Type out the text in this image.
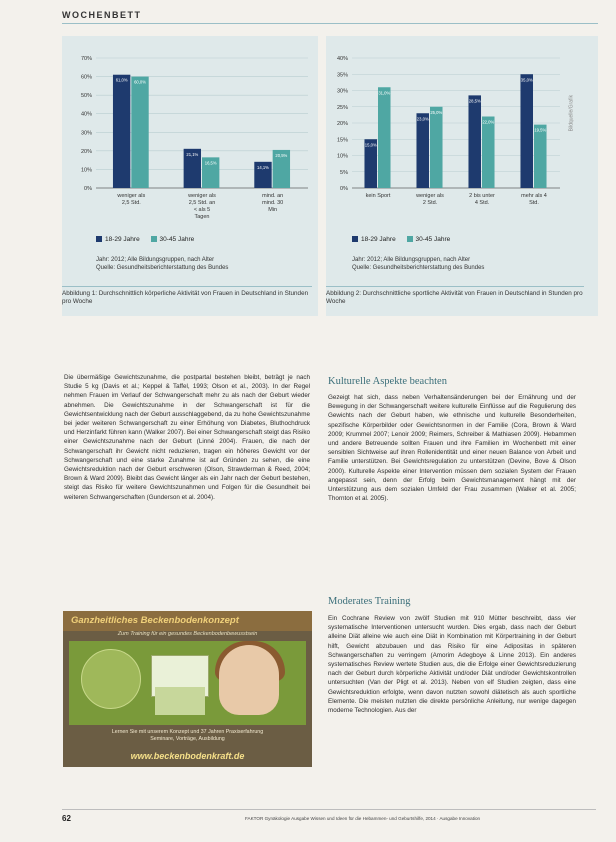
WOCHENBETT
0%
10%
20%
30%
40%
50%
60%
70%
61,0% 60,0%
weniger als
2,5 Std.
21,1%
16,5%
weniger als
2,5 Std. an
< als 5
Tagen
14,1%
20,5%
mind. an
mind. 30
Min
18-29 Jahre	30-45 Jahre
Jahr: 2012; Alle Bildungsgruppen, nach Alter
Quelle: Gesundheitsberichterstattung des Bundes
Abbildung 1: Durchschnittlich körperliche Aktivität von Frauen in Deutschland in Stunden pro Woche
0%
5%
10%
15%
20%
25%
30%
35%
40%
15,0%
31,0%
kein Sport
23,0%
25,0%
weniger als
2 Std.
28,5%
22,0%
2 bis unter
4 Std.
35,0%
19,5%
mehr als 4
Std.
18-29 Jahre	30-45 Jahre
Jahr: 2012; Alle Bildungsgruppen, nach Alter
Quelle: Gesundheitsberichterstattung des Bundes
Abbildung 2: Durchschnittliche sportliche Aktivität von Frauen in Deutschland in Stunden pro Woche
Bildquelle/Grafik
Die übermäßige Gewichtszunahme, die postpartal bestehen bleibt, beträgt je nach Studie 5 kg (Davis et al.; Keppel & Taffel, 1993; Olson et al., 2003). In der Regel nehmen Frauen im Verlauf der Schwangerschaft mehr zu als nach der Geburt wieder abnehmen. Die Gewichtszunahme in der Schwangerschaft ist für die Gewichtsentwicklung nach der Geburt ausschlaggebend, da zu hohe Gewichtszunahme bei jeder weiteren Schwangerschaft zu einer Erhöhung von Diabetes, Bluthochdruck und Herzinfarkt führen kann (Walker 2007). Bei einer Schwangerschaft steigt das Risiko einer Gewichtszunahme nach der Geburt (Linné 2004). Frauen, die nach der Schwangerschaft ihr Gewicht nicht reduzieren, tragen ein höheres Gewicht vor der Schwangerschaft und eine starke Zunahme ist auf Gründen zu sehen, die eine Gewichtsreduktion nach der Geburt erschweren (Olson, Strawderman & Reed, 2004; Brown & Ward 2009). Bleibt das Gewicht länger als ein Jahr nach der Geburt bestehen, steigt das Risiko für weitere Gewichtszunahmen und Folgen für die Gesundheit bei weiteren Schwangerschaften (Gunderson et al. 2004).
Ganzheitliches Beckenbodenkonzept
Zum Training für ein gesundes Beckenbodenbewusstsein
Lernen Sie mit unserem Konzept und 37 Jahren Praxiserfahrung
Seminare, Vorträge, Ausbildung
www.beckenbodenkraft.de
Kulturelle Aspekte beachten
Gezeigt hat sich, dass neben Verhaltensänderungen bei der Ernährung und der Bewegung in der Schwangerschaft weitere kulturelle Einflüsse auf die Regulierung des Gewichts nach der Geburt haben, wie ethnische und kulturelle Besonderheiten, spezifische Körperbilder oder Gewichtsnormen in der Familie (Cora, Brown & Ward 2009; Krummel 2007; Lenoir 2009; Reimers, Schreiber & Mathiasen 2009). Hebammen und andere Betreuende sollten Frauen und ihre Familien im Wochenbett mit einer sensiblen Sichtweise auf ihren Rollenidentität und einer neuen Balance von Arbeit und Familie unterstützen. Bei Gewichtsregulation zu unterstützen (Devine, Bove & Olson 2000). Kulturelle Aspekte einer Intervention müssen dem sozialen System der Frauen angepasst sein, denn der Erfolg beim Gewichtsmanagement hängt mit der Unterstützung aus dem sozialen Umfeld der Frau zusammen (Walker et al. 2005; Thornton et al. 2005).
Moderates Training
Ein Cochrane Review von zwölf Studien mit 910 Mütter beschreibt, dass vier systematische Interventionen untersucht wurden. Dies ergab, dass nach der Geburt alleine Diät alleine wie auch eine Diät in Kombination mit Körpertraining in der Geburt hilft, Gewicht abzubauen und das Risiko für eine Adipositas in späteren Schwangerschaften zu verringern (Amorim Adegboye & Linne 2013). Ein anderes systematisches Review wertete Studien aus, die die Erfolge einer Gewichtsreduzierung nach der Geburt durch körperliche Aktivität und/oder Diät und/oder Gewichtskontrollen untersuchten (Van der Pligt et al. 2013). Neben von elf Studien zeigten, dass eine Gewichtsreduktion erfolgte, wenn davon nutzten sowohl diätetisch als auch sportliche Elemente. Die meisten nutzten die direkte persönliche Anleitung, nur wenige dagegen moderne Technologien. Aus der
62	FAKTOR Gynäkologie Ausgabe Wissen und Ideen für die Hebammen- und Geburtshilfe, 2014 · Ausgabe Innovation
